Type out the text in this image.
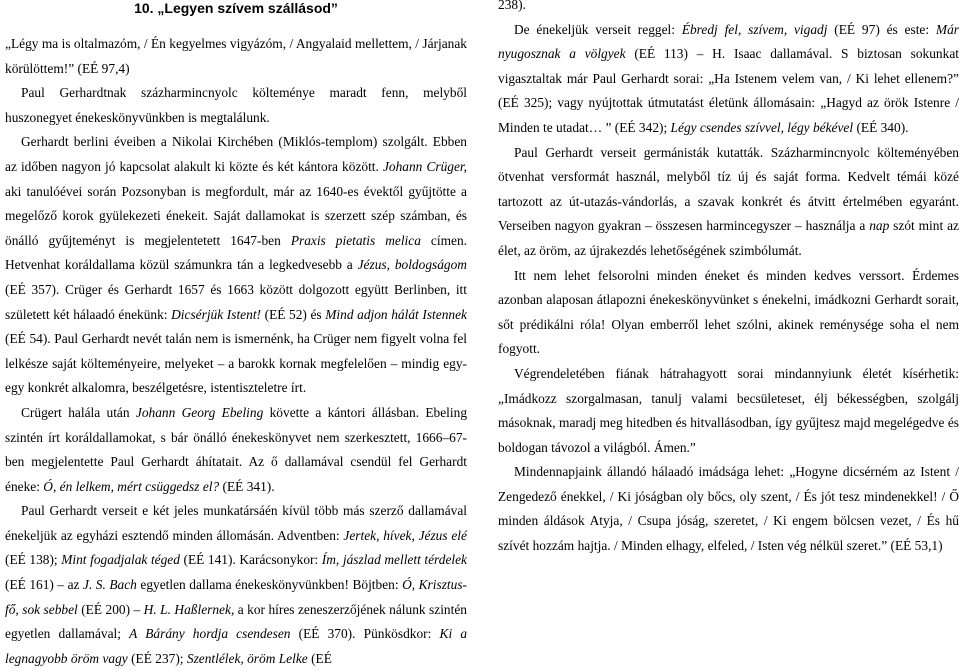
10. „Legyen szívem szállásod”

„Légy ma is oltalmazóm, / Én kegyelmes vigyázóm, / Angyalaid mellettem, / Járjanak körülöttem!” (EÉ 97,4)

Paul Gerhardtnak százharmincnyolc költeménye maradt fenn, melyből huszonegyet énekeskönyvünkben is megtalálunk.

Gerhardt berlini éveiben a Nikolai Kirchében (Miklós-templom) szolgált. Ebben az időben nagyon jó kapcsolat alakult ki közte és két kántora között. Johann Crüger, aki tanulóévei során Pozsonyban is megfordult, már az 1640-es évektől gyűjtötte a megelőző korok gyülekezeti énekeit. Saját dallamokat is szerzett szép számban, és önálló gyűjteményt is megjelentetett 1647-ben Praxis pietatis melica címen. Hetvenhat koráldallama közül számunkra tán a legkedvesebb a Jézus, boldogságom (EÉ 357). Crüger és Gerhardt 1657 és 1663 között dolgozott együtt Berlinben, itt született két hálaadó énekünk: Dicsérjük Istent! (EÉ 52) és Mind adjon hálát Istennek (EÉ 54). Paul Gerhardt nevét talán nem is ismernénk, ha Crüger nem figyelt volna fel lelkésze saját költeményeire, melyeket – a barokk kornak megfelelően – mindig egy-egy konkrét alkalomra, beszélgetésre, istentiszteletre írt.

Crügert halála után Johann Georg Ebeling követte a kántori állásban. Ebeling szintén írt koráldallamokat, s bár önálló énekeskönyvet nem szerkesztett, 1666–67-ben megjelentette Paul Gerhardt áhítatait. Az ő dallamával csendül fel Gerhardt éneke: Ó, én lelkem, mért csüggedsz el? (EÉ 341).

Paul Gerhardt verseit e két jeles munkatársáén kívül több más szerző dallamával énekeljük az egyházi esztendő minden állomásán. Adventben: Jertek, hívek, Jézus elé (EÉ 138); Mint fogadjalak téged (EÉ 141). Karácsonykor: Ím, jászlad mellett térdelek (EÉ 161) – az J. S. Bach egyetlen dallama énekeskönyvünkben! Böjtben: Ó, Krisztus-fő, sok sebbel (EÉ 200) – H. L. Haßlernek, a kor híres zeneszerzőjének nálunk szintén egyetlen dallamával; A Bárány hordja csendesen (EÉ 370). Pünkösdkor: Ki a legnagyobb öröm vagy (EÉ 237); Szentlélek, öröm Lelke (EÉ

238).

De énekeljük verseit reggel: Ébredj fel, szívem, vigadj (EÉ 97) és este: Már nyugosznak a völgyek (EÉ 113) – H. Isaac dallamával. S biztosan sokunkat vigasztaltak már Paul Gerhardt sorai: „Ha Istenem velem van, / Ki lehet ellenem?” (EÉ 325); vagy nyújtottak útmutatást életünk állomásain: „Hagyd az örök Istenre / Minden te utadat… ” (EÉ 342); Légy csendes szívvel, légy békével (EÉ 340).

Paul Gerhardt verseit germánisták kutatták. Százharmincnyolc költeményében ötvenhat versformát használ, melyből tíz új és saját forma. Kedvelt témái közé tartozott az út-utazás-vándorlás, a szavak konkrét és átvitt értelmében egyaránt. Verseiben nagyon gyakran – összesen harmincegyszer – használja a nap szót mint az élet, az öröm, az újrakezdés lehetőségének szimbólumát.

Itt nem lehet felsorolni minden éneket és minden kedves verssort. Érdemes azonban alaposan átlapozni énekeskönyvünket s énekelni, imádkozni Gerhardt sorait, sőt prédikálni róla! Olyan emberről lehet szólni, akinek reménysége soha el nem fogyott.

Végrendeletében fiának hátrahagyott sorai mindannyiunk életét kísérhetik: „Imádkozz szorgalmasan, tanulj valami becsületeset, élj békességben, szolgálj másoknak, maradj meg hitedben és hitvallásodban, így gyűjtesz majd megelégedve és boldogan távozol a világból. Ámen.”

Mindennapjaink állandó hálaadó imádsága lehet: „Hogyne dicsérném az Istent / Zengedező énekkel, / Ki jóságban oly bőcs, oly szent, / És jót tesz mindenekkel! / Ő minden áldások Atyja, / Csupa jóság, szeretet, / Ki engem bölcsen vezet, / És hű szívét hozzám hajtja. / Minden elhagy, elfeled, / Isten vég nélkül szeret.” (EÉ 53,1)
